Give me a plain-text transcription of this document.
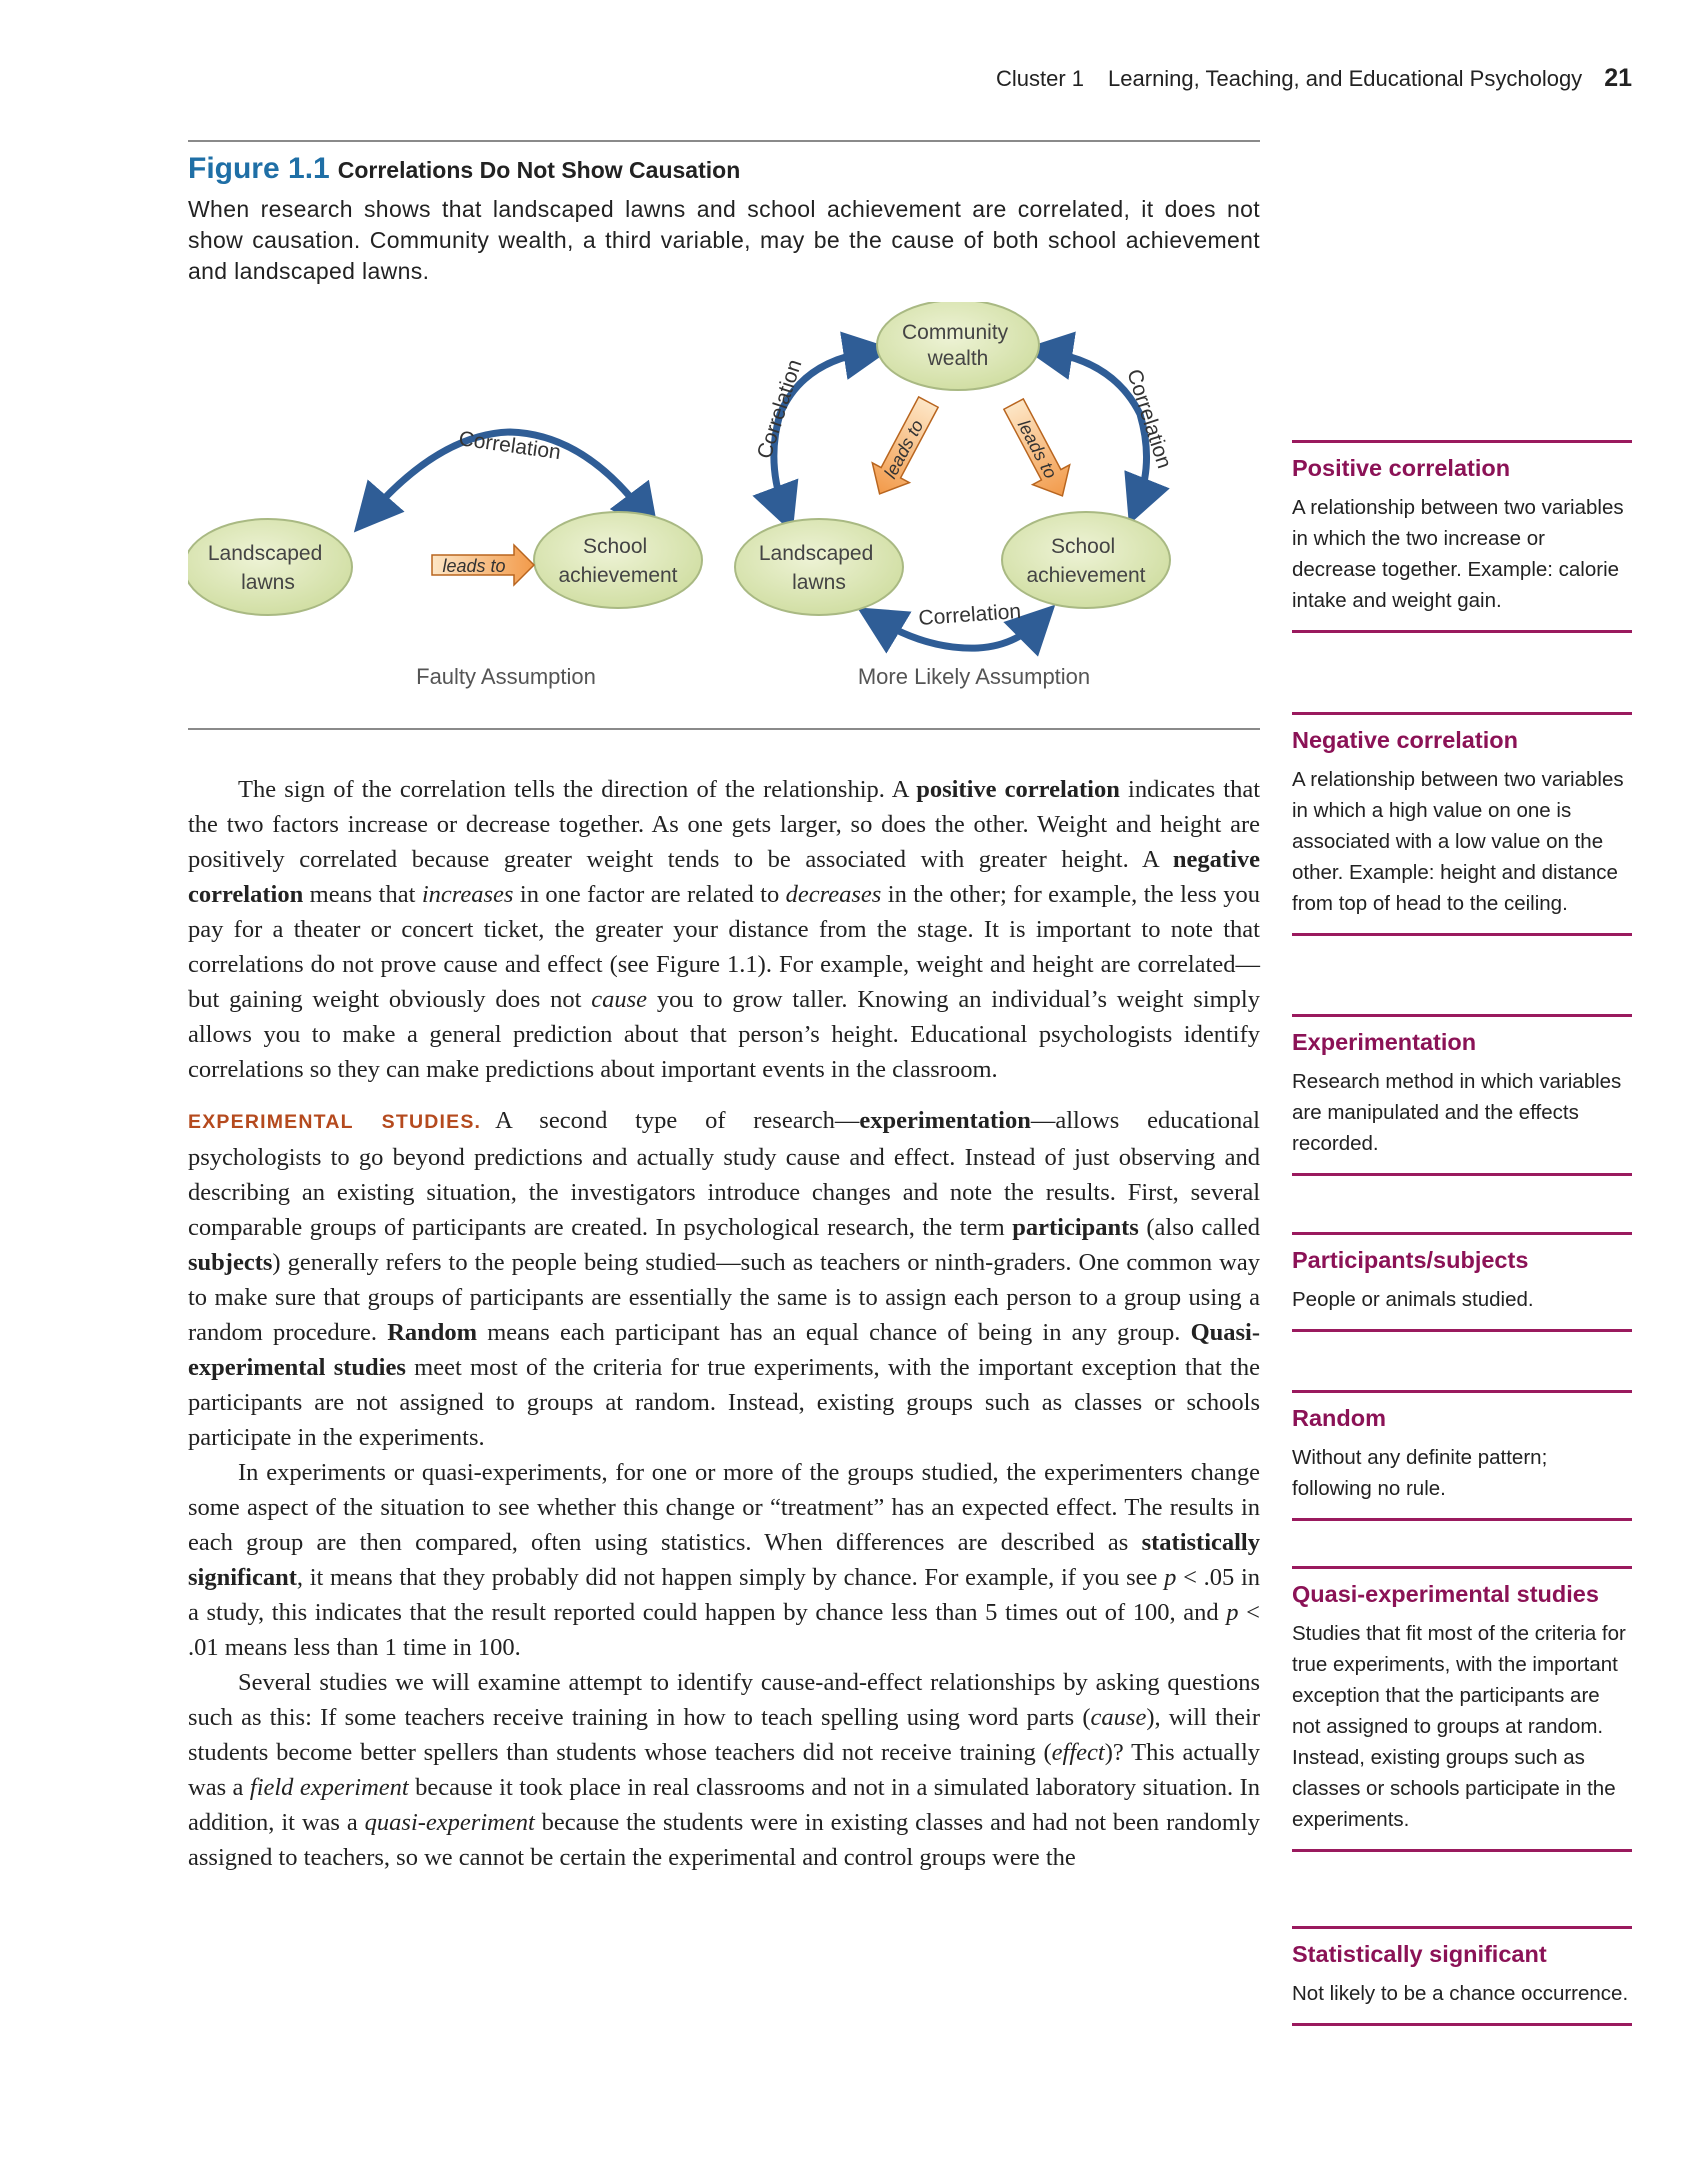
Cluster 1 Learning, Teaching, and Educational Psychology 21
Figure 1.1 Correlations Do Not Show Causation
When research shows that landscaped lawns and school achievement are correlated, it does not show causation. Community wealth, a third variable, may be the cause of both school achievement and landscaped lawns.
Correlation
Landscaped lawns
School achievement
leads to
Faulty Assumption
Correlation	Correlation
Correlation
leads to	leads to
Community wealth
Landscaped lawns
School achievement
More Likely Assumption

The sign of the correlation tells the direction of the relationship. A positive correlation indicates that the two factors increase or decrease together. As one gets larger, so does the other. Weight and height are positively correlated because greater weight tends to be associated with greater height. A negative correlation means that increases in one factor are related to decreases in the other; for example, the less you pay for a theater or concert ticket, the greater your distance from the stage. It is important to note that correlations do not prove cause and effect (see Figure 1.1). For example, weight and height are correlated—but gaining weight obviously does not cause you to grow taller. Knowing an individual’s weight simply allows you to make a general prediction about that person’s height. Educational psychologists identify correlations so they can make predictions about important events in the classroom.

EXPERIMENTAL STUDIES. A second type of research—experimentation—allows educational psychologists to go beyond predictions and actually study cause and effect. Instead of just observing and describing an existing situation, the investigators introduce changes and note the results. First, several comparable groups of participants are created. In psychological research, the term participants (also called subjects) generally refers to the people being studied—such as teachers or ninth-graders. One common way to make sure that groups of participants are essentially the same is to assign each person to a group using a random procedure. Random means each participant has an equal chance of being in any group. Quasi-experimental studies meet most of the criteria for true experiments, with the important exception that the participants are not assigned to groups at random. Instead, existing groups such as classes or schools participate in the experiments.

In experiments or quasi-experiments, for one or more of the groups studied, the experimenters change some aspect of the situation to see whether this change or “treatment” has an expected effect. The results in each group are then compared, often using statistics. When differences are described as statistically significant, it means that they probably did not happen simply by chance. For example, if you see p < .05 in a study, this indicates that the result reported could happen by chance less than 5 times out of 100, and p < .01 means less than 1 time in 100.

Several studies we will examine attempt to identify cause-and-effect relationships by asking questions such as this: If some teachers receive training in how to teach spelling using word parts (cause), will their students become better spellers than students whose teachers did not receive training (effect)? This actually was a field experiment because it took place in real classrooms and not in a simulated laboratory situation. In addition, it was a quasi-experiment because the students were in existing classes and had not been randomly assigned to teachers, so we cannot be certain the experimental and control groups were the

Positive correlation

A relationship between two variables in which the two increase or decrease together. Example: calorie intake and weight gain.

Negative correlation

A relationship between two variables in which a high value on one is associated with a low value on the other. Example: height and distance from top of head to the ceiling.

Experimentation

Research method in which variables are manipulated and the effects recorded.

Participants/subjects

People or animals studied.

Random

Without any definite pattern; following no rule.

Quasi-experimental studies

Studies that fit most of the criteria for true experiments, with the important exception that the participants are not assigned to groups at random. Instead, existing groups such as classes or schools participate in the experiments.

Statistically significant

Not likely to be a chance occurrence.
